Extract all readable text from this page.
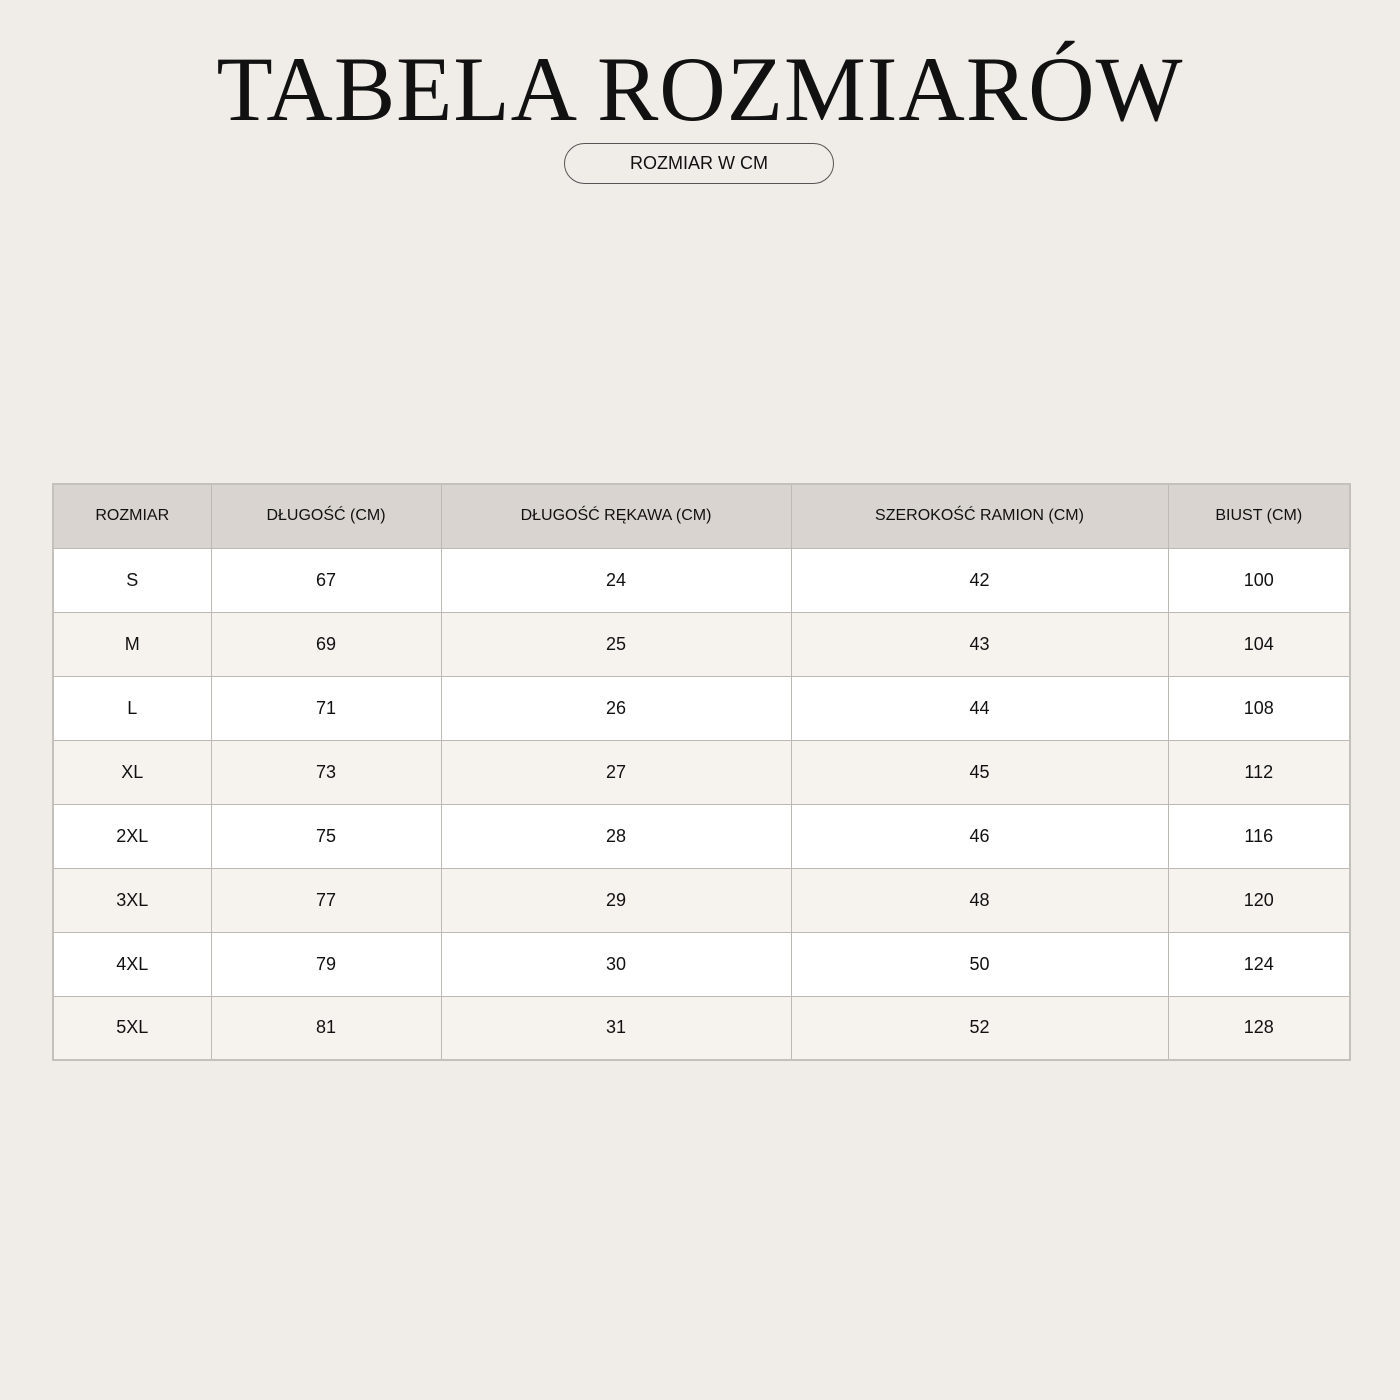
TABELA ROZMIARÓW
ROZMIAR W CM
ROZMIAR	DŁUGOŚĆ (CM)	DŁUGOŚĆ RĘKAWA (CM)	SZEROKOŚĆ RAMION (CM)	BIUST (CM)
S	67	24	42	100
M	69	25	43	104
L	71	26	44	108
XL	73	27	45	112
2XL	75	28	46	116
3XL	77	29	48	120
4XL	79	30	50	124
5XL	81	31	52	128
